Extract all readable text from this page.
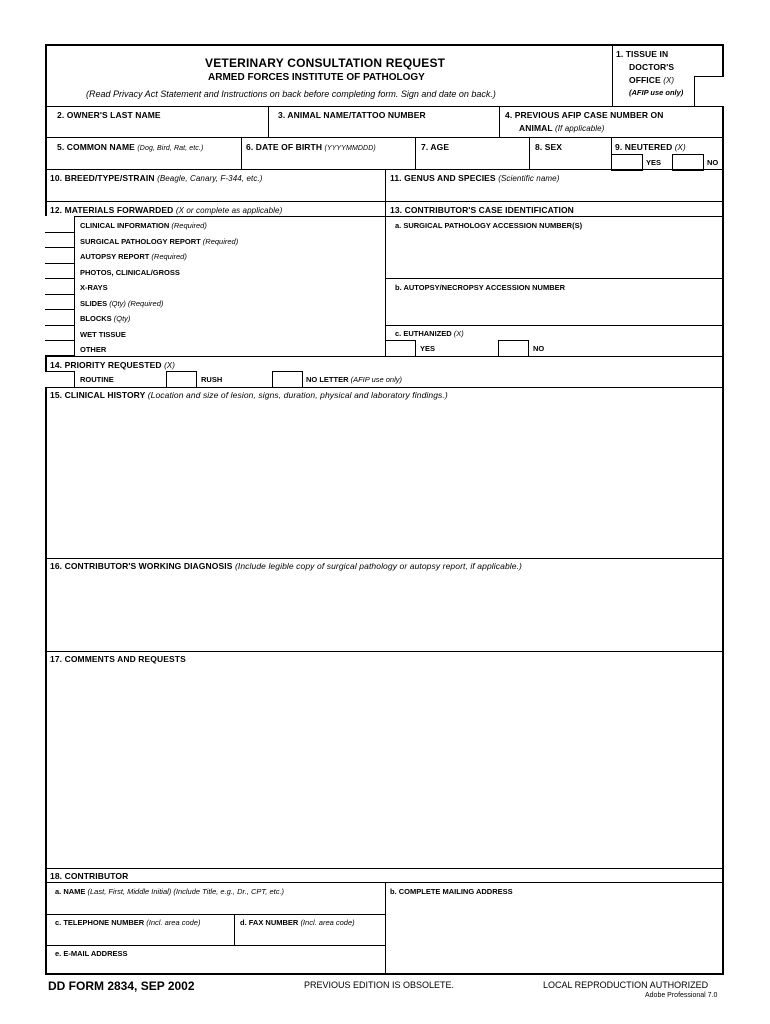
VETERINARY CONSULTATION REQUEST
ARMED FORCES INSTITUTE OF PATHOLOGY
(Read Privacy Act Statement and Instructions on back before completing form. Sign and date on back.)
1. TISSUE IN
DOCTOR'S
OFFICE (X)
(AFIP use only)
2. OWNER'S LAST NAME	3. ANIMAL NAME/TATTOO NUMBER	4. PREVIOUS AFIP CASE NUMBER ON
ANIMAL (If applicable)
5. COMMON NAME (Dog, Bird, Rat, etc.)	6. DATE OF BIRTH (YYYYMMDDD)	7. AGE	8. SEX	9. NEUTERED (X)
YES	NO
10. BREED/TYPE/STRAIN (Beagle, Canary, F-344, etc.)	11. GENUS AND SPECIES (Scientific name)
12. MATERIALS FORWARDED (X or complete as applicable)
CLINICAL INFORMATION (Required)
SURGICAL PATHOLOGY REPORT (Required)
AUTOPSY REPORT (Required)
PHOTOS, CLINICAL/GROSS
X-RAYS
SLIDES (Qty) (Required)
BLOCKS (Qty)
WET TISSUE
OTHER
13. CONTRIBUTOR'S CASE IDENTIFICATION
a. SURGICAL PATHOLOGY ACCESSION NUMBER(S)
b. AUTOPSY/NECROPSY ACCESSION NUMBER
c. EUTHANIZED (X)
YES	NO
14. PRIORITY REQUESTED (X)
ROUTINE	RUSH	NO LETTER (AFIP use only)
15. CLINICAL HISTORY (Location and size of lesion, signs, duration, physical and laboratory findings.)
16. CONTRIBUTOR'S WORKING DIAGNOSIS (Include legible copy of surgical pathology or autopsy report, if applicable.)
17. COMMENTS AND REQUESTS
18. CONTRIBUTOR
a. NAME (Last, First, Middle Initial) (Include Title, e.g., Dr., CPT, etc.)	b. COMPLETE MAILING ADDRESS
c. TELEPHONE NUMBER (Incl. area code)	d. FAX NUMBER (Incl. area code)
e. E-MAIL ADDRESS
DD FORM 2834, SEP 2002	PREVIOUS EDITION IS OBSOLETE.	LOCAL REPRODUCTION AUTHORIZED
Adobe Professional 7.0
